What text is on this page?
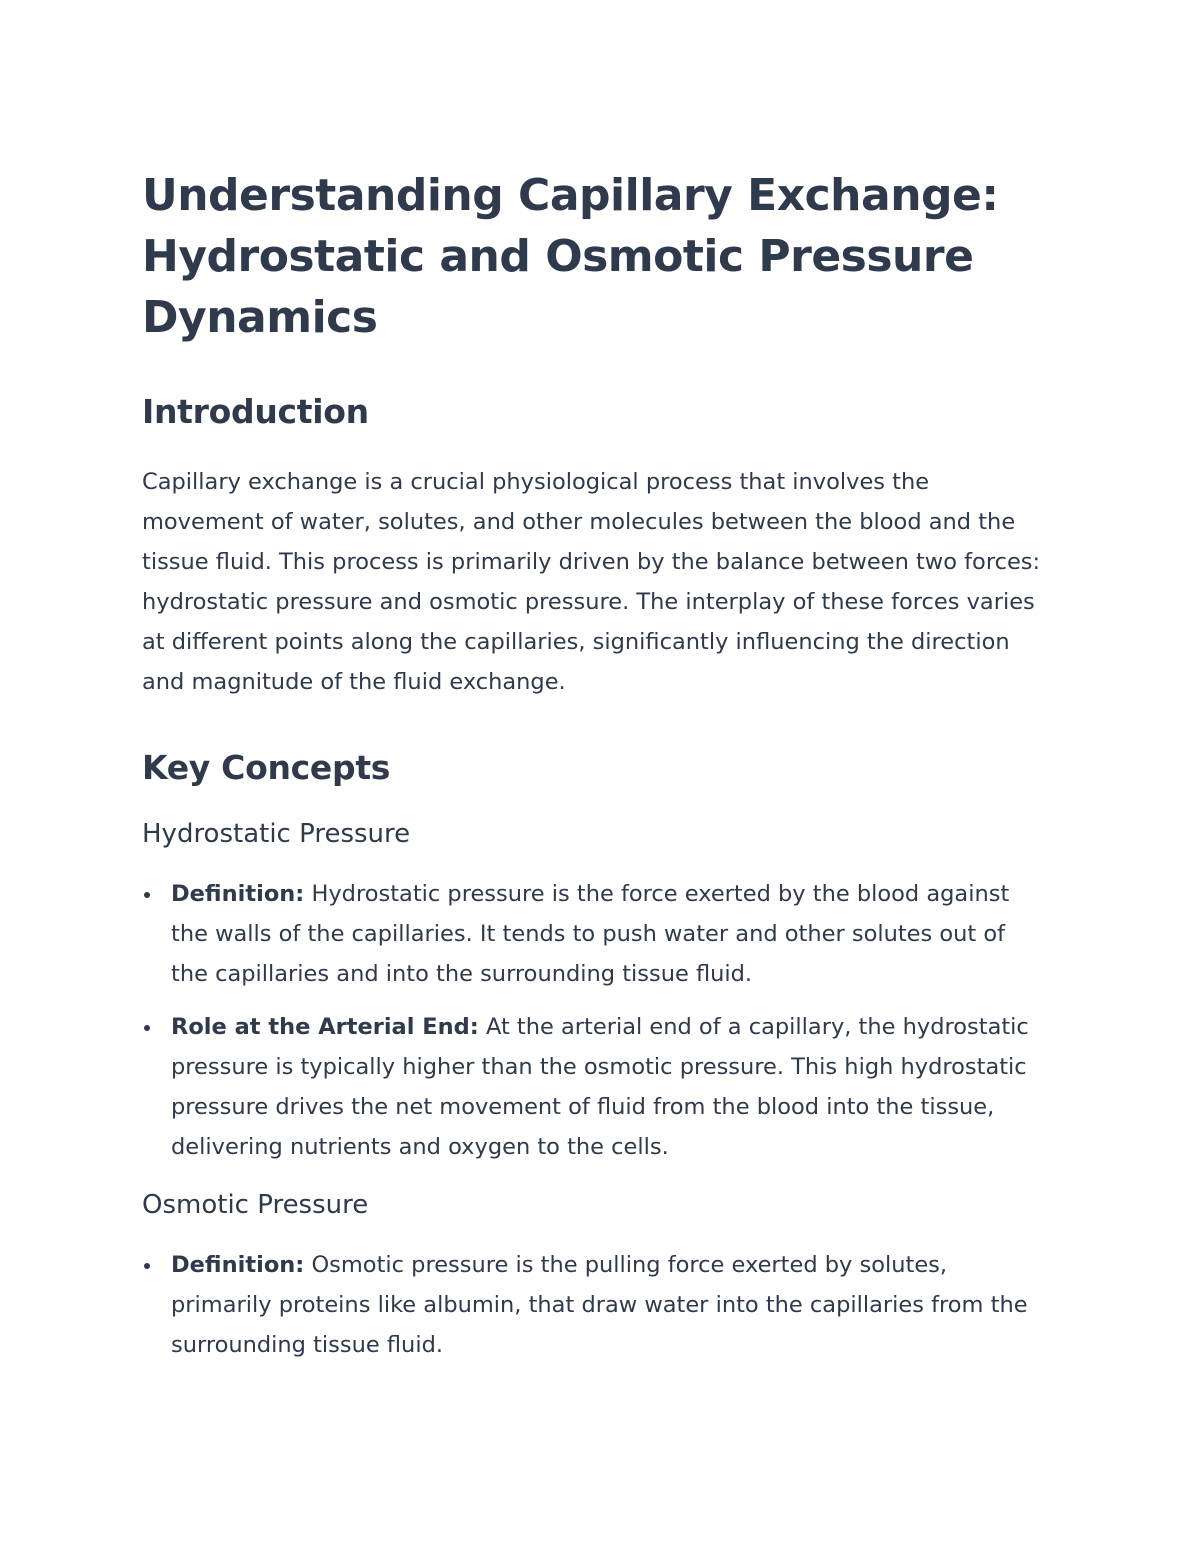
Understanding Capillary Exchange: Hydrostatic and Osmotic Pressure Dynamics
Introduction

Capillary exchange is a crucial physiological process that involves the movement of water, solutes, and other molecules between the blood and the tissue fluid. This process is primarily driven by the balance between two forces: hydrostatic pressure and osmotic pressure. The interplay of these forces varies at different points along the capillaries, significantly influencing the direction and magnitude of the fluid exchange.

Key Concepts
Hydrostatic Pressure
Definition: Hydrostatic pressure is the force exerted by the blood against the walls of the capillaries. It tends to push water and other solutes out of the capillaries and into the surrounding tissue fluid.
Role at the Arterial End: At the arterial end of a capillary, the hydrostatic pressure is typically higher than the osmotic pressure. This high hydrostatic pressure drives the net movement of fluid from the blood into the tissue, delivering nutrients and oxygen to the cells.
Osmotic Pressure
Definition: Osmotic pressure is the pulling force exerted by solutes, primarily proteins like albumin, that draw water into the capillaries from the surrounding tissue fluid.
